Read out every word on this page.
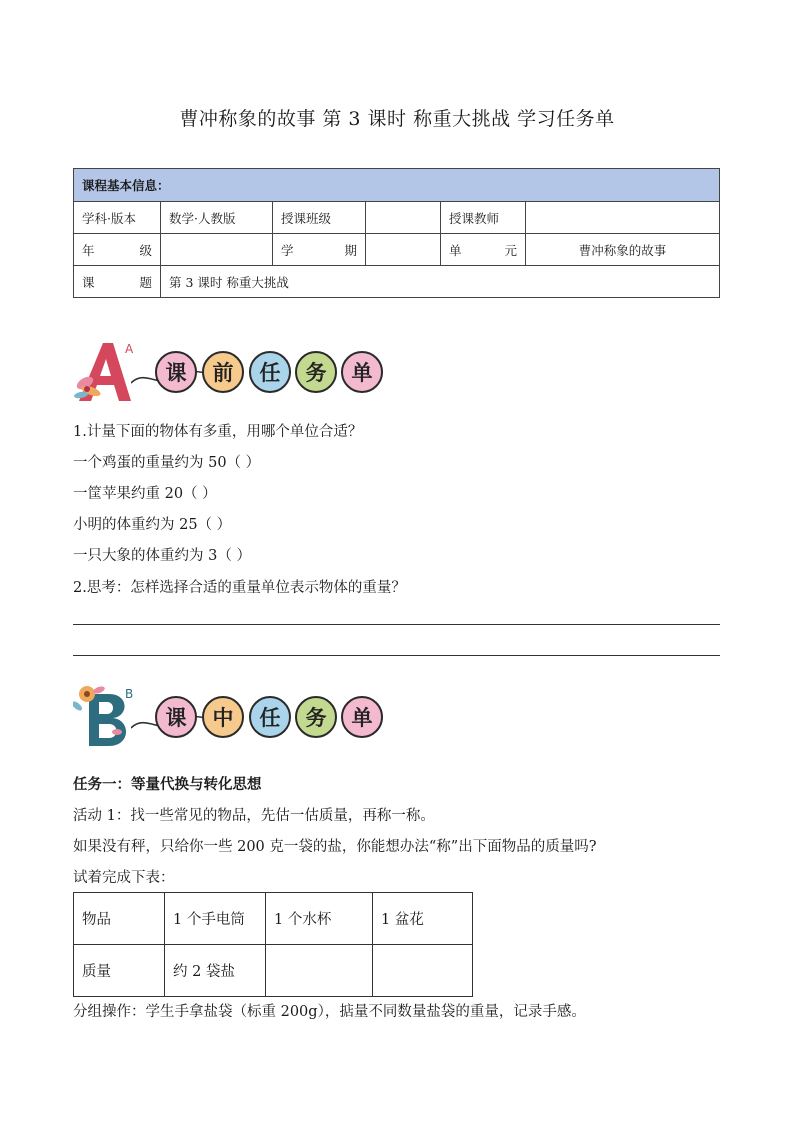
曹冲称象的故事 第 3 课时 称重大挑战 学习任务单
课程基本信息：					
学科·版本	数学·人教版	授课班级		授课教师	

年 级		学 期		单 元	曹冲称象的故事

课 题	第 3 课时 称重大挑战				
A
课	前	任	务	单
1.计量下面的物体有多重，用哪个单位合适？
一个鸡蛋的重量约为 50（ ）
一筐苹果约重 20（ ）
小明的体重约为 25（ ）
一只大象的体重约为 3（ ）
2.思考：怎样选择合适的重量单位表示物体的重量？
B
课	中	任	务	单
任务一：等量代换与转化思想
活动 1：找一些常见的物品，先估一估质量，再称一称。
如果没有秤，只给你一些 200 克一袋的盐，你能想办法“称”出下面物品的质量吗?
试着完成下表：
物品	1 个手电筒	1 个水杯	1 盆花
质量	约 2 袋盐		
分组操作：学生手拿盐袋（标重 200g），掂量不同数量盐袋的重量，记录手感。
